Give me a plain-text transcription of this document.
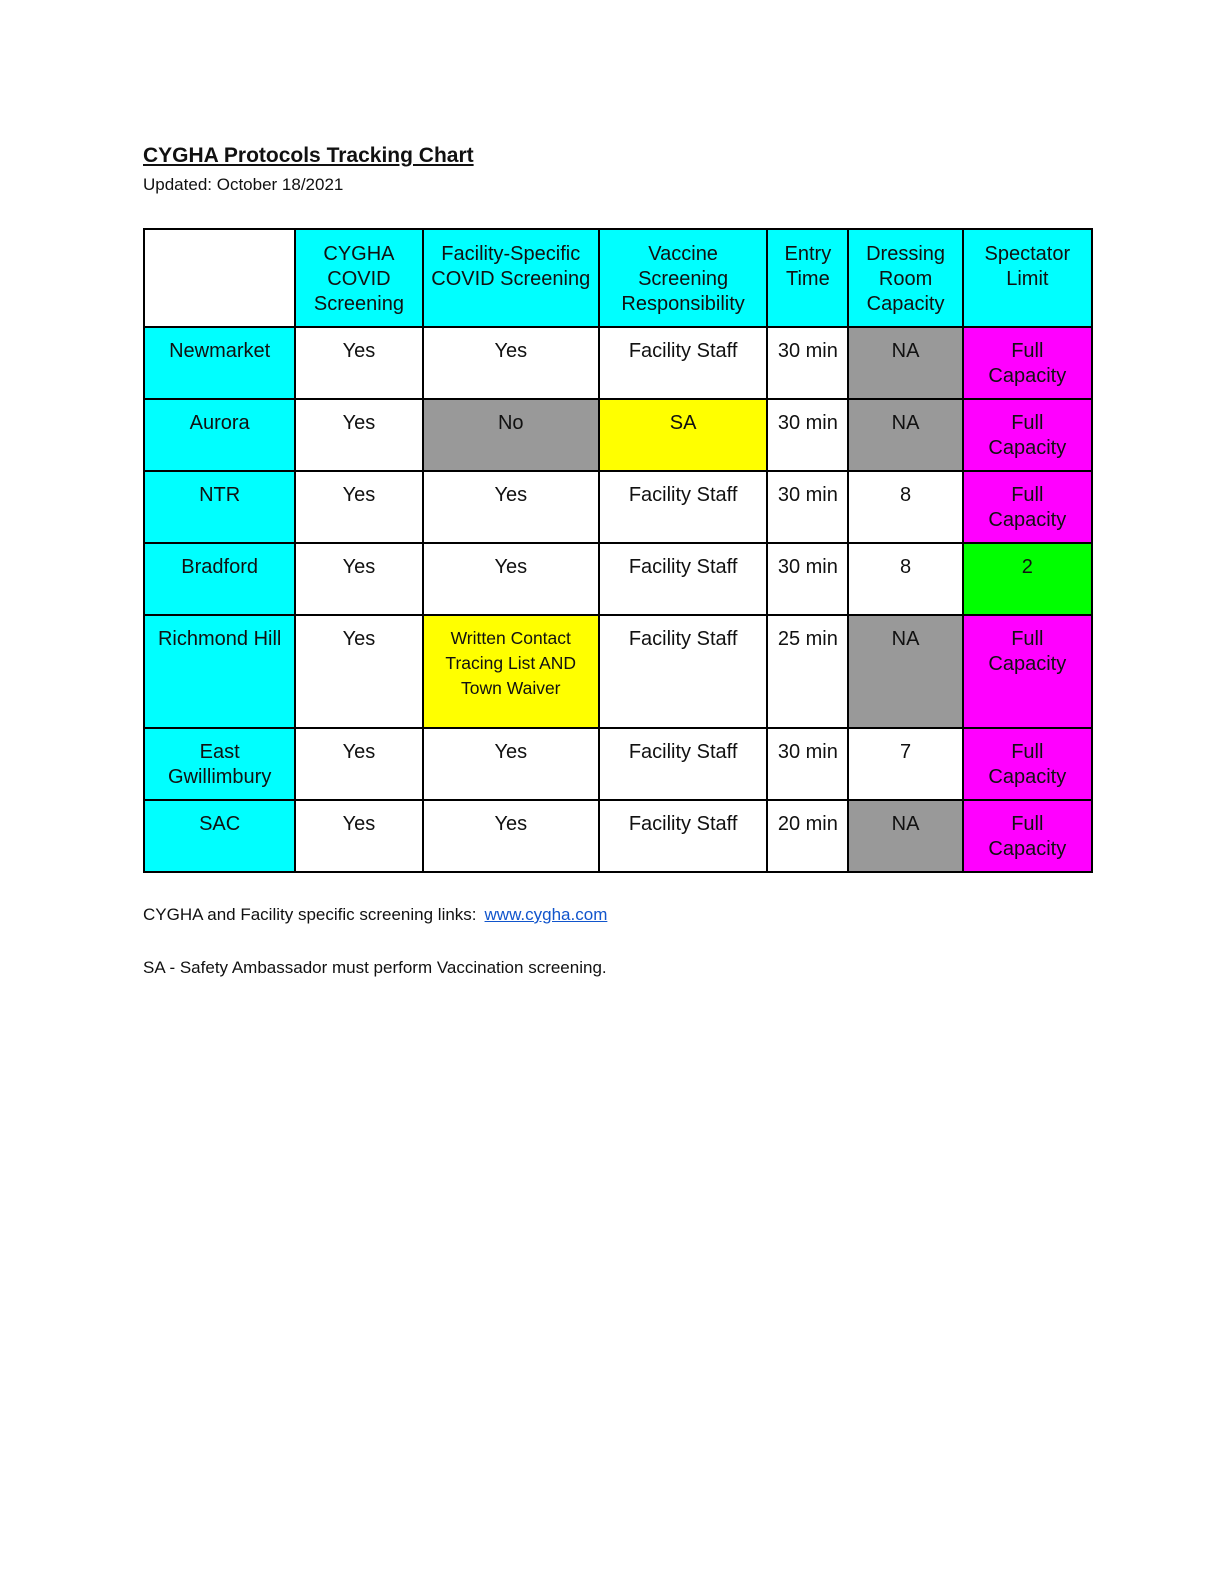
CYGHA Protocols Tracking Chart
Updated: October 18/2021
	CYGHA COVID Screening	Facility-Specific COVID Screening	Vaccine Screening Responsibility	Entry Time	Dressing Room Capacity	Spectator Limit
Newmarket	Yes	Yes	Facility Staff	30 min	NA	Full Capacity
Aurora	Yes	No	SA	30 min	NA	Full Capacity
NTR	Yes	Yes	Facility Staff	30 min	8	Full Capacity
Bradford	Yes	Yes	Facility Staff	30 min	8	2
Richmond Hill	Yes	Written Contact Tracing List AND Town Waiver	Facility Staff	25 min	NA	Full Capacity
East Gwillimbury	Yes	Yes	Facility Staff	30 min	7	Full Capacity
SAC	Yes	Yes	Facility Staff	20 min	NA	Full Capacity
CYGHA and Facility specific screening links: www.cygha.com
SA - Safety Ambassador must perform Vaccination screening.
